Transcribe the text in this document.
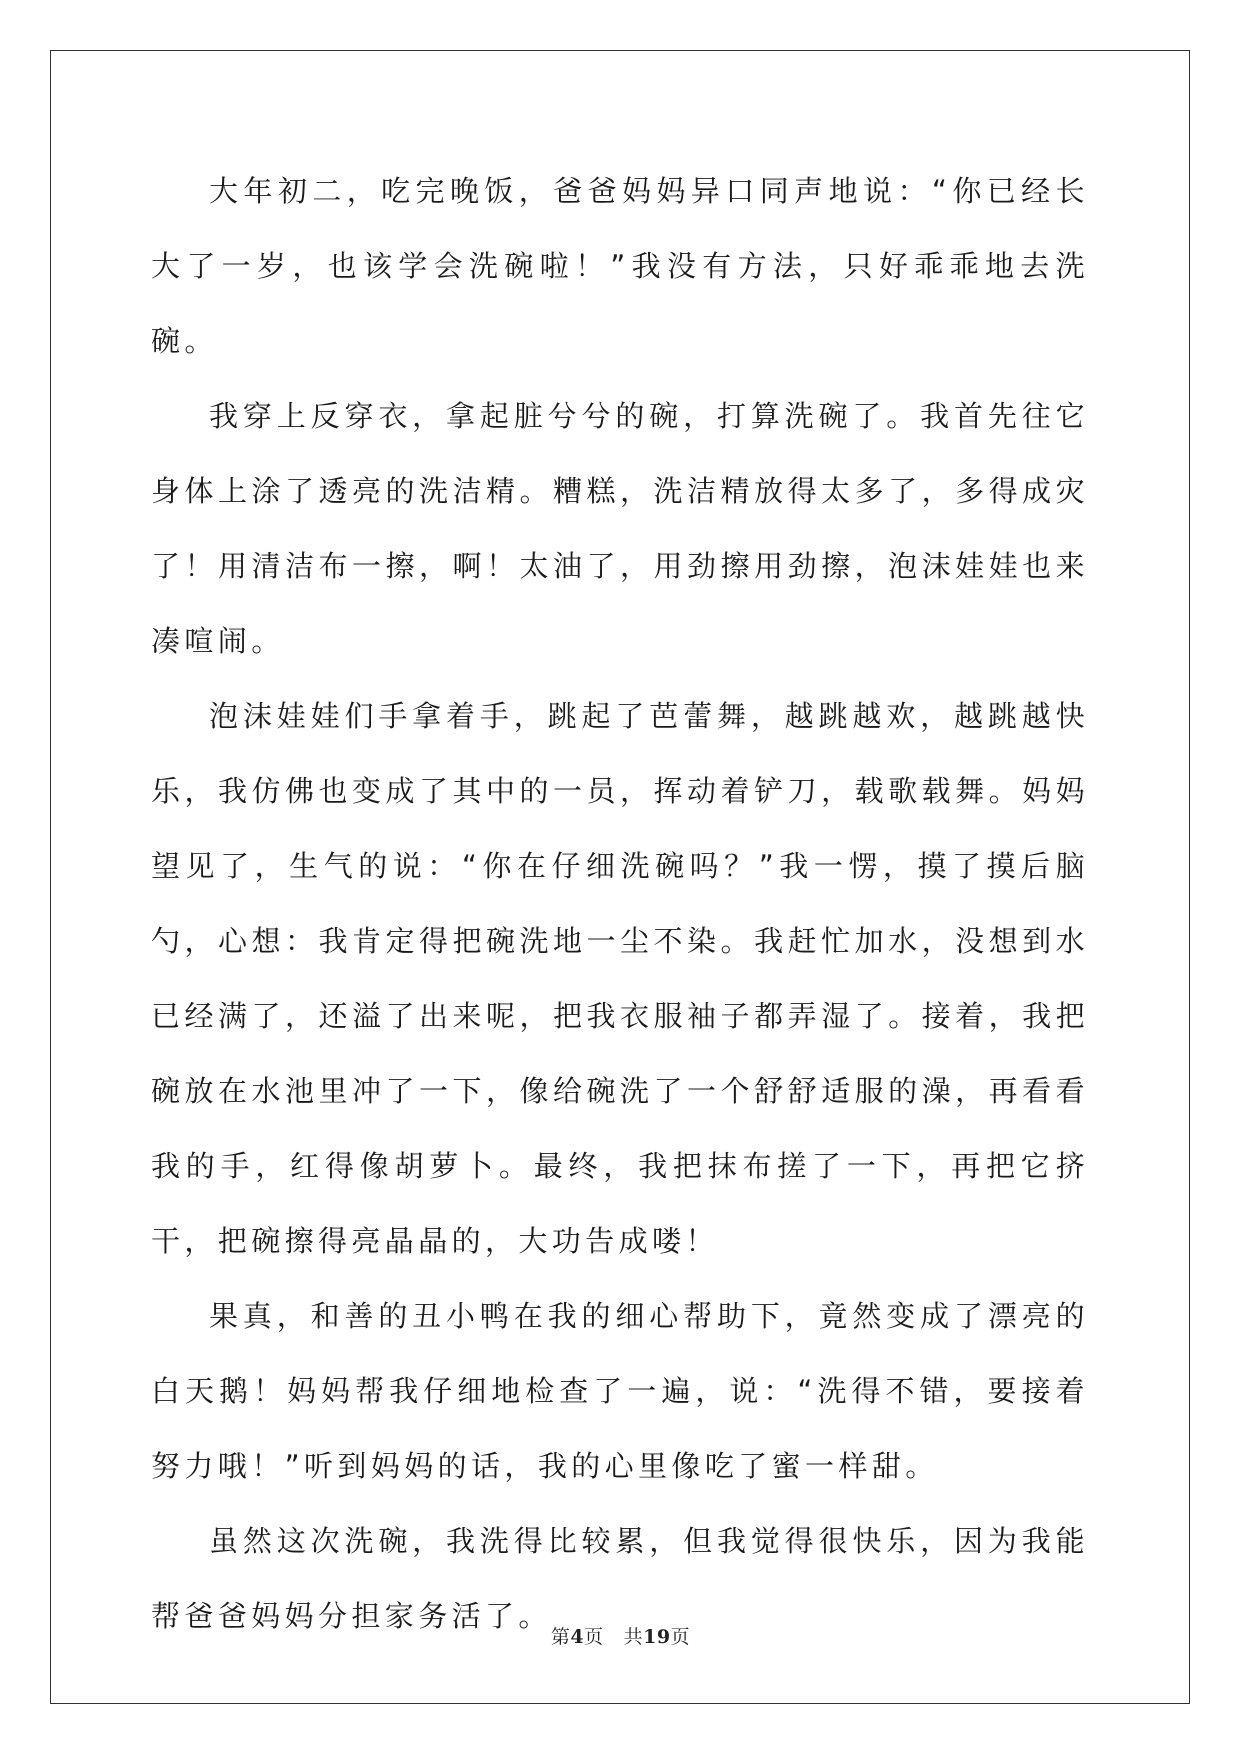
大年初二，吃完晚饭，爸爸妈妈异口同声地说：“你已经长大了一岁，也该学会洗碗啦！”我没有方法，只好乖乖地去洗碗。

我穿上反穿衣，拿起脏兮兮的碗，打算洗碗了。我首先往它身体上涂了透亮的洗洁精。糟糕，洗洁精放得太多了，多得成灾了！用清洁布一擦，啊！太油了，用劲擦用劲擦，泡沫娃娃也来凑喧闹。

泡沫娃娃们手拿着手，跳起了芭蕾舞，越跳越欢，越跳越快乐，我仿佛也变成了其中的一员，挥动着铲刀，载歌载舞。妈妈望见了，生气的说：“你在仔细洗碗吗？”我一愣，摸了摸后脑勺，心想：我肯定得把碗洗地一尘不染。我赶忙加水，没想到水已经满了，还溢了出来呢，把我衣服袖子都弄湿了。接着，我把碗放在水池里冲了一下，像给碗洗了一个舒舒适服的澡，再看看我的手，红得像胡萝卜。最终，我把抹布搓了一下，再把它挤干，把碗擦得亮晶晶的，大功告成喽！

果真，和善的丑小鸭在我的细心帮助下，竟然变成了漂亮的白天鹅！妈妈帮我仔细地检查了一遍，说：“洗得不错，要接着努力哦！”听到妈妈的话，我的心里像吃了蜜一样甜。

虽然这次洗碗，我洗得比较累，但我觉得很快乐，因为我能帮爸爸妈妈分担家务活了。

第4页 共19页
